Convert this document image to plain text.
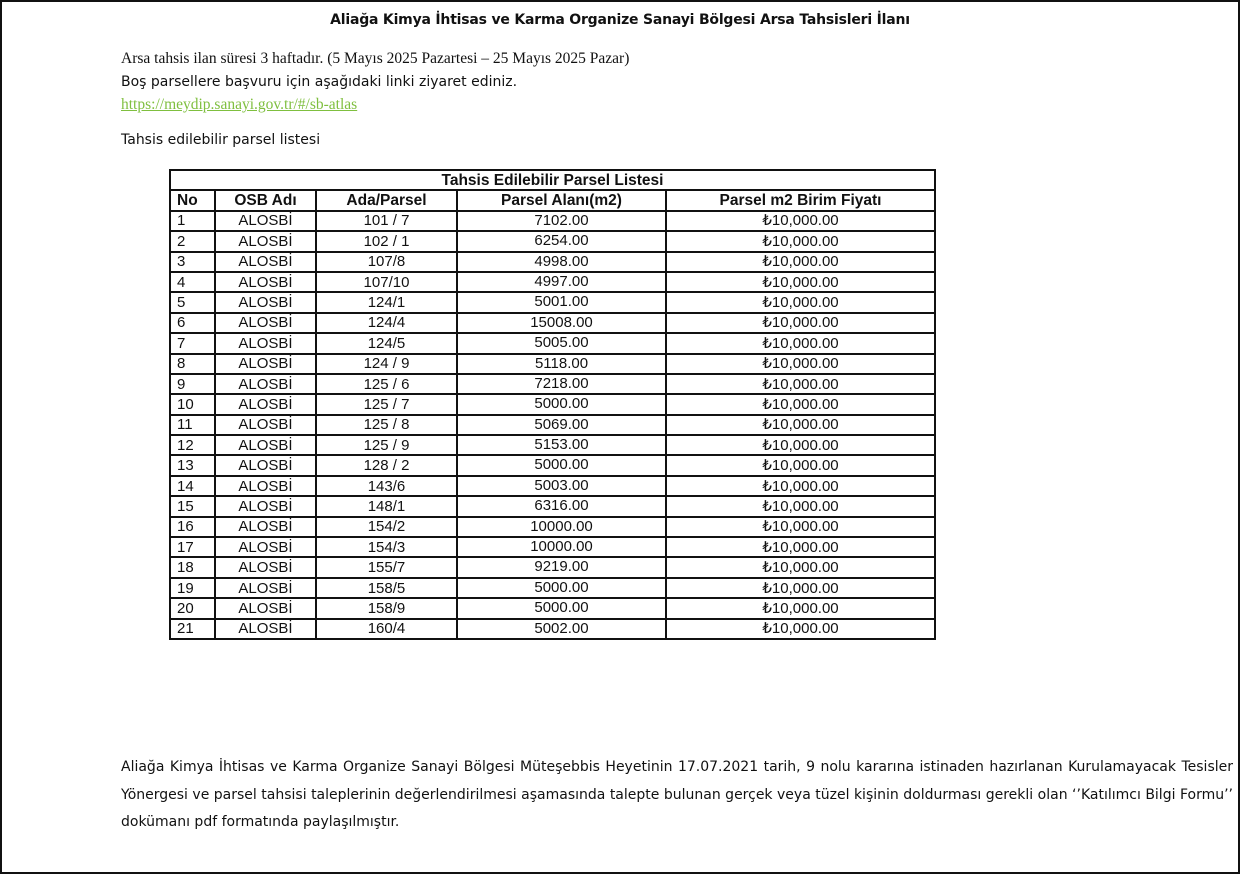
Aliağa Kimya İhtisas ve Karma Organize Sanayi Bölgesi Arsa Tahsisleri İlanı
Arsa tahsis ilan süresi 3 haftadır. (5 Mayıs 2025 Pazartesi – 25 Mayıs 2025 Pazar)
Boş parsellere başvuru için aşağıdaki linki ziyaret ediniz.
https://meydip.sanayi.gov.tr/#/sb-atlas
Tahsis edilebilir parsel listesi
Tahsis Edilebilir Parsel Listesi				
No	OSB Adı	Ada/Parsel	Parsel Alanı(m2)	Parsel m2 Birim Fiyatı
1	ALOSBİ	101 / 7	7102.00	₺10,000.00
2	ALOSBİ	102 / 1	6254.00	₺10,000.00
3	ALOSBİ	107/8	4998.00	₺10,000.00
4	ALOSBİ	107/10	4997.00	₺10,000.00
5	ALOSBİ	124/1	5001.00	₺10,000.00
6	ALOSBİ	124/4	15008.00	₺10,000.00
7	ALOSBİ	124/5	5005.00	₺10,000.00
8	ALOSBİ	124 / 9	5118.00	₺10,000.00
9	ALOSBİ	125 / 6	7218.00	₺10,000.00
10	ALOSBİ	125 / 7	5000.00	₺10,000.00
11	ALOSBİ	125 / 8	5069.00	₺10,000.00
12	ALOSBİ	125 / 9	5153.00	₺10,000.00
13	ALOSBİ	128 / 2	5000.00	₺10,000.00
14	ALOSBİ	143/6	5003.00	₺10,000.00
15	ALOSBİ	148/1	6316.00	₺10,000.00
16	ALOSBİ	154/2	10000.00	₺10,000.00
17	ALOSBİ	154/3	10000.00	₺10,000.00
18	ALOSBİ	155/7	9219.00	₺10,000.00
19	ALOSBİ	158/5	5000.00	₺10,000.00
20	ALOSBİ	158/9	5000.00	₺10,000.00
21	ALOSBİ	160/4	5002.00	₺10,000.00
Aliağa Kimya İhtisas ve Karma Organize Sanayi Bölgesi Müteşebbis Heyetinin 17.07.2021 tarih, 9 nolu kararına istinaden hazırlanan Kurulamayacak Tesisler Yönergesi ve parsel tahsisi taleplerinin değerlendirilmesi aşamasında talepte bulunan gerçek veya tüzel kişinin doldurması gerekli olan ‘’Katılımcı Bilgi Formu’’ dokümanı pdf formatında paylaşılmıştır.
